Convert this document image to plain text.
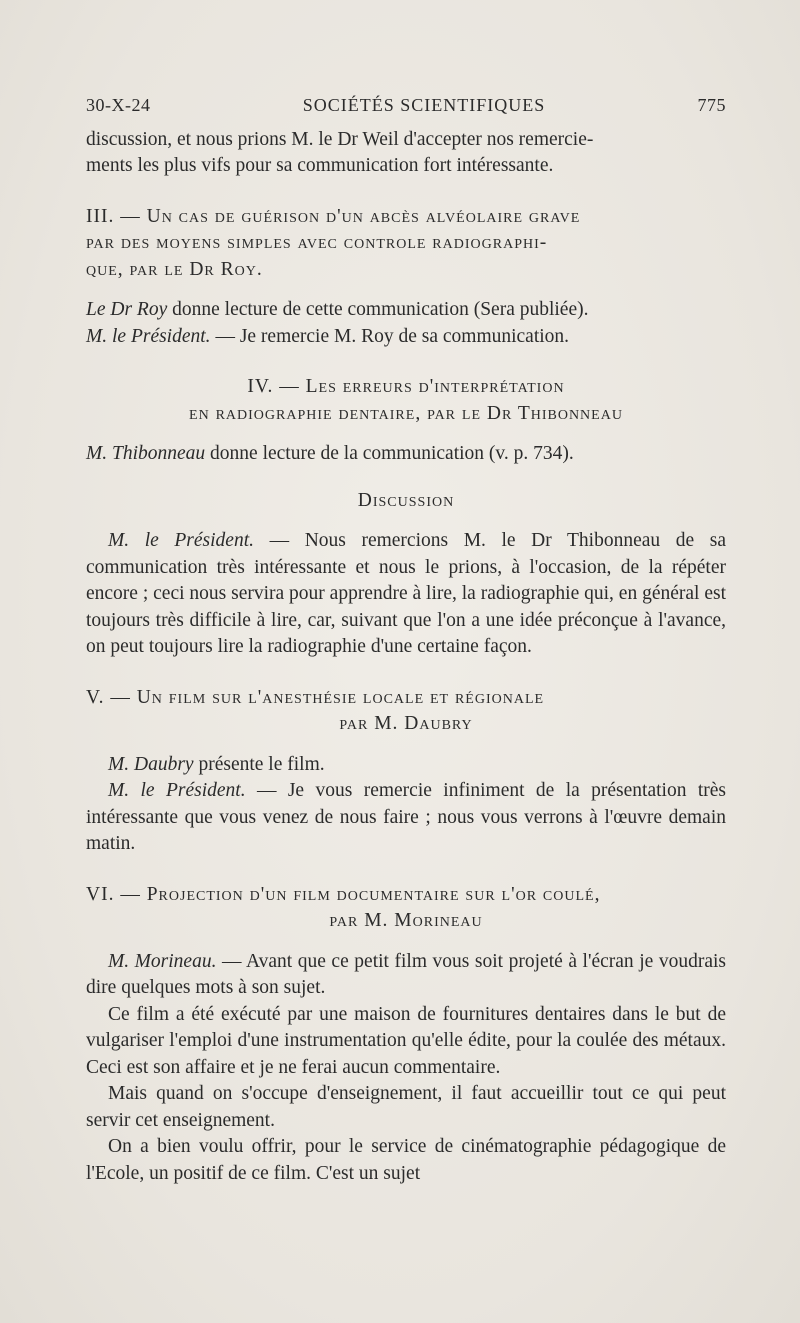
30-X-24	SOCIÉTÉS SCIENTIFIQUES	775

discussion, et nous prions M. le Dr Weil d'accepter nos remercie-

ments les plus vifs pour sa communication fort intéressante.

III. — Un cas de guérison d'un abcès alvéolaire grave

par des moyens simples avec controle radiographi-

que, par le Dr Roy.

Le Dr Roy donne lecture de cette communication (Sera publiée).

M. le Président. — Je remercie M. Roy de sa communication.

IV. — Les erreurs d'interprétation

en radiographie dentaire, par le Dr Thibonneau

M. Thibonneau donne lecture de la communication (v. p. 734).

Discussion

M. le Président. — Nous remercions M. le Dr Thibonneau de sa communication très intéressante et nous le prions, à l'occasion, de la répéter encore ; ceci nous servira pour apprendre à lire, la radiographie qui, en général est toujours très difficile à lire, car, suivant que l'on a une idée préconçue à l'avance, on peut toujours lire la radiographie d'une certaine façon.

V. — Un film sur l'anesthésie locale et régionale

par M. Daubry

M. Daubry présente le film.

M. le Président. — Je vous remercie infiniment de la présentation très intéressante que vous venez de nous faire ; nous vous verrons à l'œuvre demain matin.

VI. — Projection d'un film documentaire sur l'or coulé,

par M. Morineau

M. Morineau. — Avant que ce petit film vous soit projeté à l'écran je voudrais dire quelques mots à son sujet.

Ce film a été exécuté par une maison de fournitures dentaires dans le but de vulgariser l'emploi d'une instrumentation qu'elle édite, pour la coulée des métaux. Ceci est son affaire et je ne ferai aucun commentaire.

Mais quand on s'occupe d'enseignement, il faut accueillir tout ce qui peut servir cet enseignement.

On a bien voulu offrir, pour le service de cinématographie pédagogique de l'Ecole, un positif de ce film. C'est un sujet
